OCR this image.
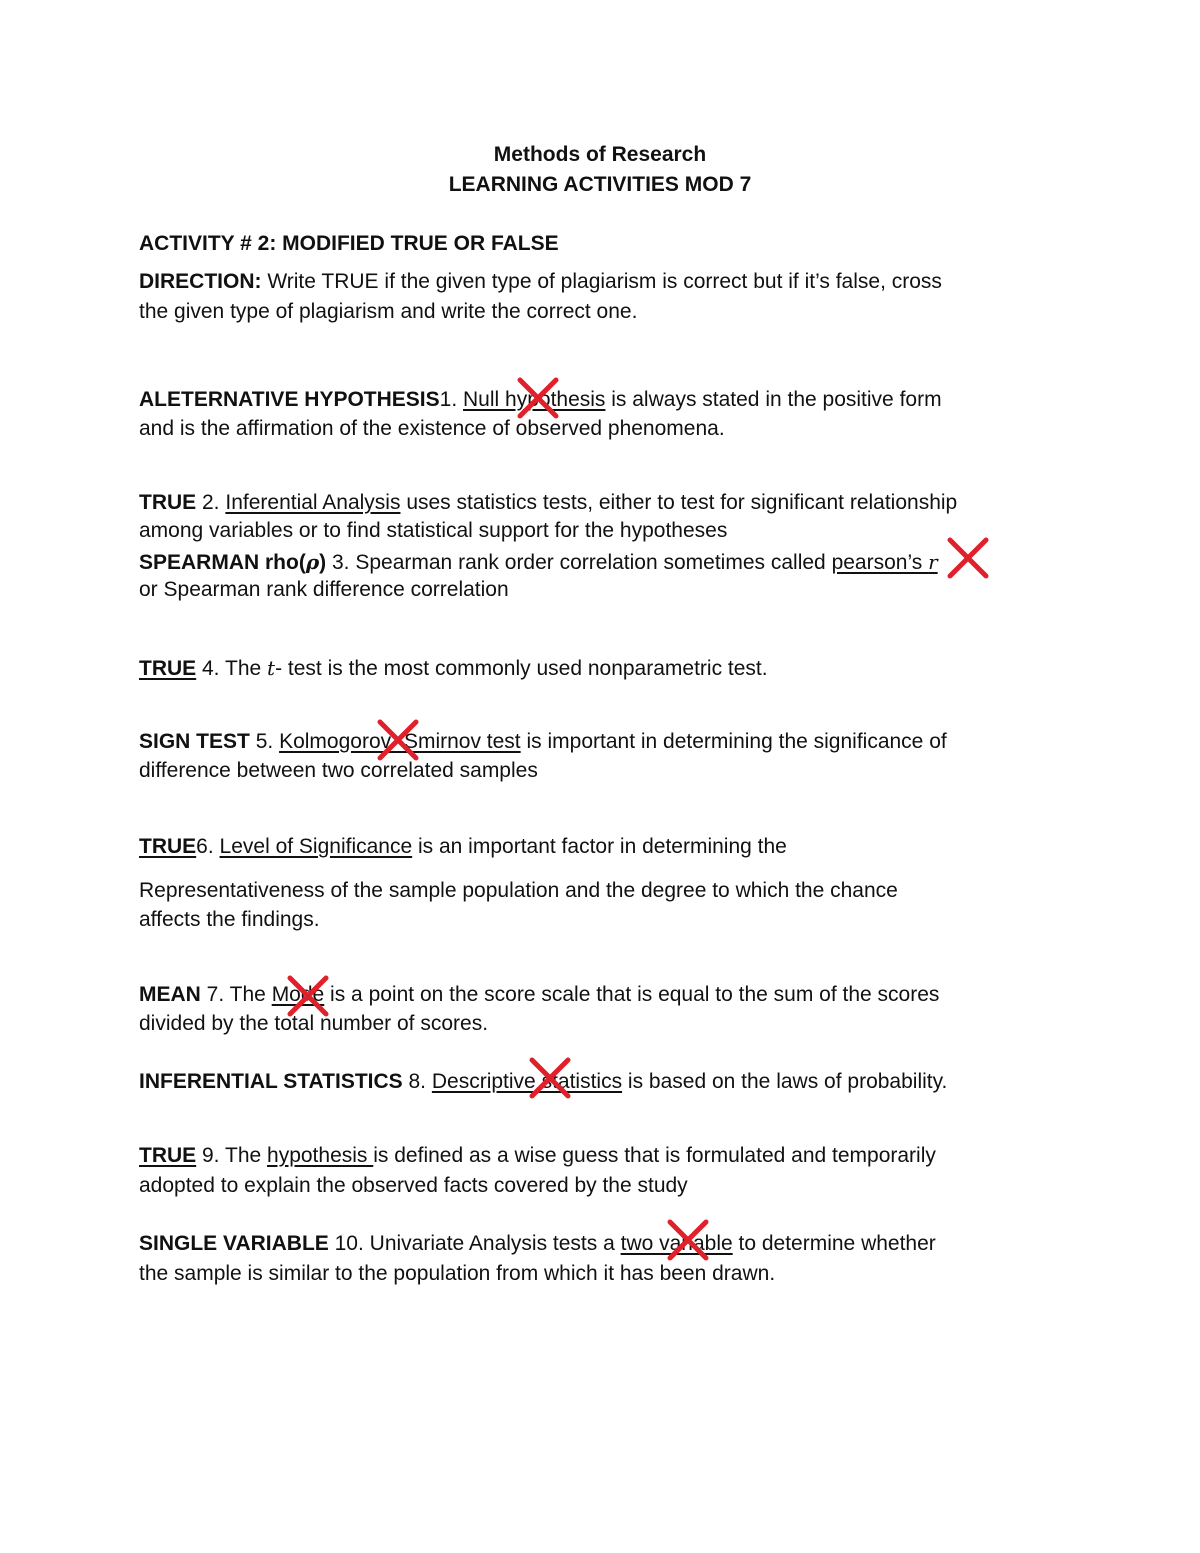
Methods of Research
LEARNING ACTIVITIES MOD 7
ACTIVITY # 2: MODIFIED TRUE OR FALSE
DIRECTION: Write TRUE if the given type of plagiarism is correct but if it’s false, cross
the given type of plagiarism and write the correct one.
ALETERNATIVE HYPOTHESIS1. Null hypothesis is always stated in the positive form
and is the affirmation of the existence of observed phenomena.
TRUE 2. Inferential Analysis uses statistics tests, either to test for significant relationship
among variables or to find statistical support for the hypotheses
SPEARMAN rho(ρ) 3. Spearman rank order correlation sometimes called pearson’s r
or Spearman rank difference correlation
TRUE 4. The t- test is the most commonly used nonparametric test.
SIGN TEST 5. Kolmogorov -Smirnov test is important in determining the significance of
difference between two correlated samples
TRUE6. Level of Significance is an important factor in determining the
Representativeness of the sample population and the degree to which the chance
affects the findings.
MEAN 7. The Mode is a point on the score scale that is equal to the sum of the scores
divided by the total number of scores.
INFERENTIAL STATISTICS 8. Descriptive statistics is based on the laws of probability.
TRUE 9. The hypothesis is defined as a wise guess that is formulated and temporarily
adopted to explain the observed facts covered by the study
SINGLE VARIABLE 10. Univariate Analysis tests a two variable to determine whether
the sample is similar to the population from which it has been drawn.
